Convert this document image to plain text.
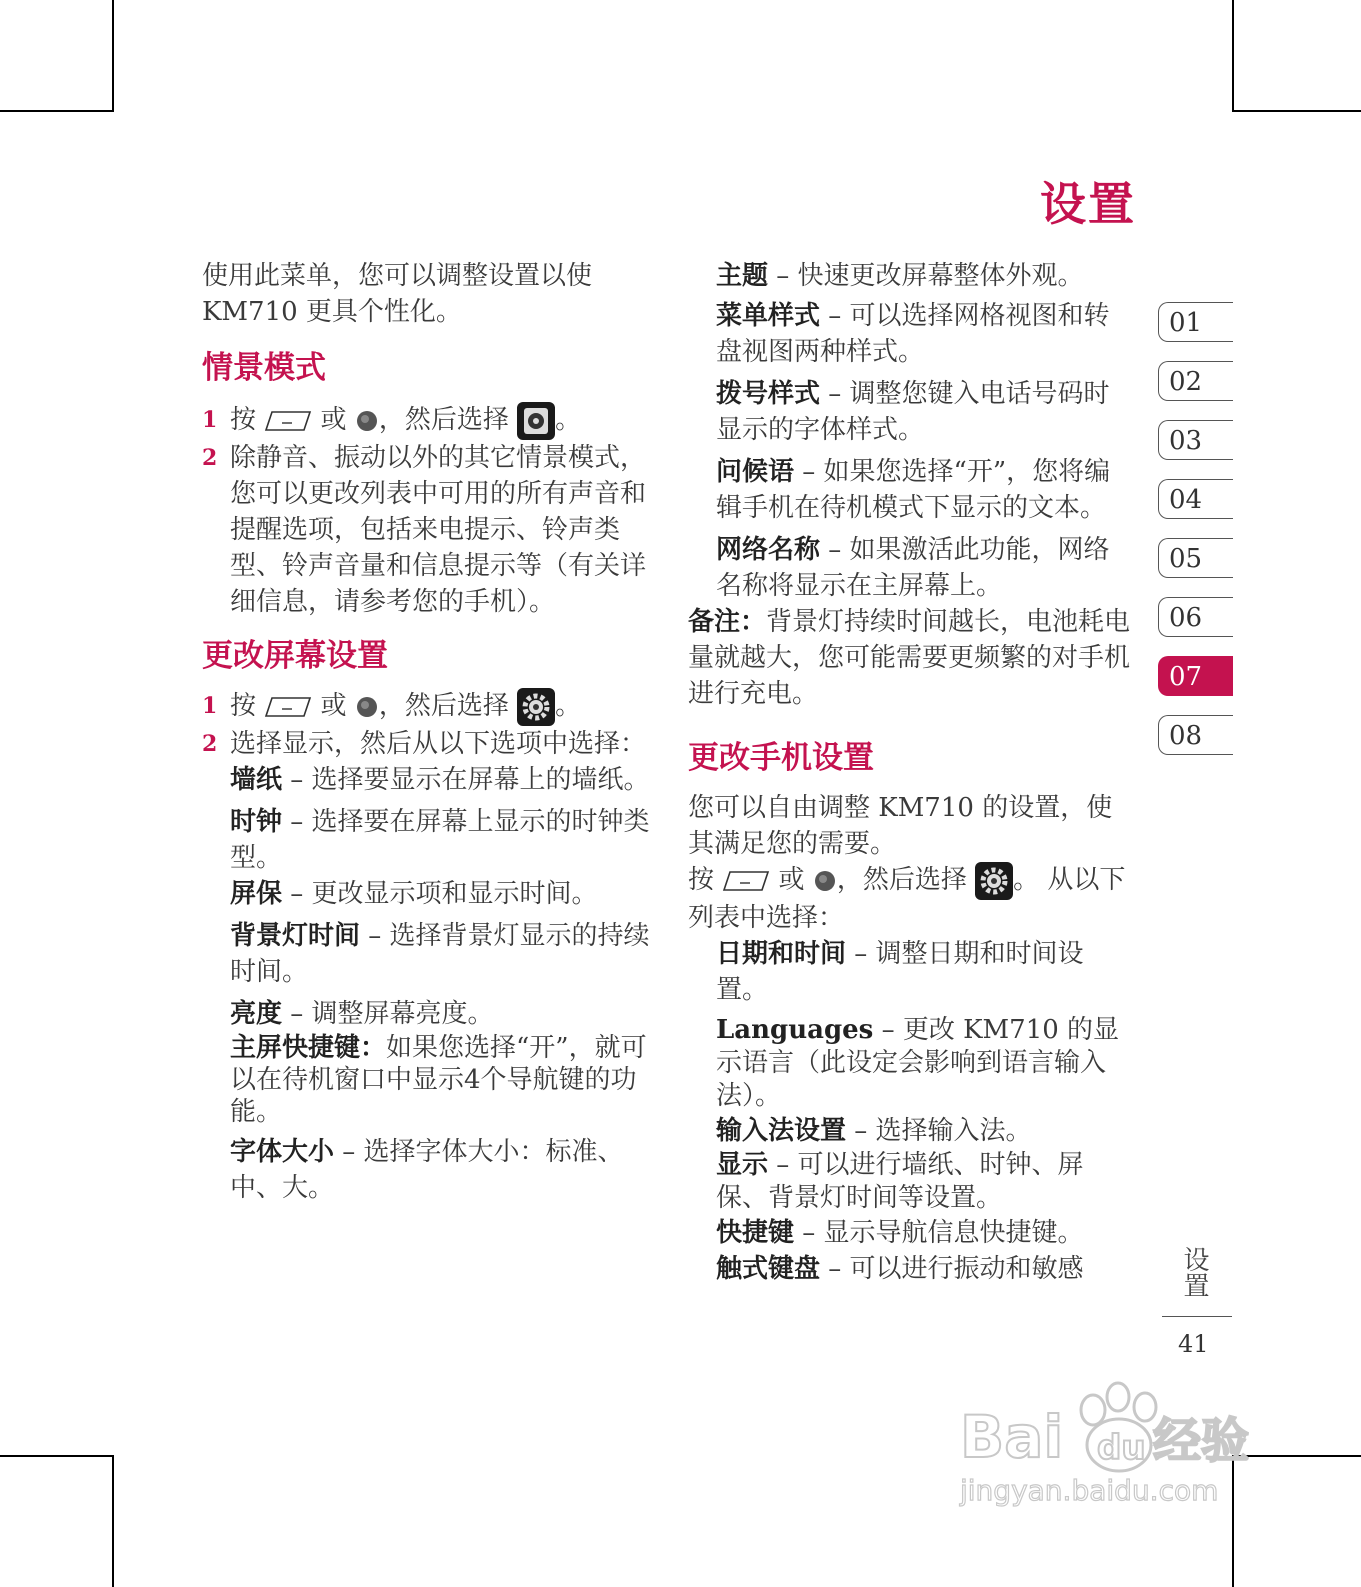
设置

使用此菜单，您可以调整设置以使KM710 更具个性化。

情景模式

1 按 或 ，然后选择 。
2 除静音、振动以外的其它情景模式，您可以更改列表中可用的所有声音和提醒选项，包括来电提示、铃声类型、铃声音量和信息提示等（有关详细信息，请参考您的手机）。

更改屏幕设置

1 按 或 ，然后选择 。
2 选择显示，然后从以下选项中选择：
墙纸 – 选择要显示在屏幕上的墙纸。
时钟 – 选择要在屏幕上显示的时钟类型。
屏保 – 更改显示项和显示时间。
背景灯时间 – 选择背景灯显示的持续时间。
亮度 – 调整屏幕亮度。
主屏快捷键：如果您选择“开”，就可以在待机窗口中显示4个导航键的功能。
字体大小 – 选择字体大小：标准、中、大。
主题 – 快速更改屏幕整体外观。
菜单样式 – 可以选择网格视图和转盘视图两种样式。
拨号样式 – 调整您键入电话号码时显示的字体样式。
问候语 – 如果您选择“开”，您将编辑手机在待机模式下显示的文本。
网络名称 – 如果激活此功能，网络名称将显示在主屏幕上。

备注：背景灯持续时间越长，电池耗电量就越大，您可能需要更频繁的对手机进行充电。

更改手机设置

您可以自由调整 KM710 的设置，使其满足您的需要。

按 或 ，然后选择 。 从以下列表中选择：

日期和时间 – 调整日期和时间设置。
Languages – 更改 KM710 的显示语言（此设定会影响到语言输入法）。
输入法设置 – 选择输入法。
显示 – 可以进行墙纸、时钟、屏保、背景灯时间等设置。
快捷键 – 显示导航信息快捷键。
触式键盘 – 可以进行振动和敏感
01
02
03
04
05
06
07
08
设置
41
Bai du 经验
jingyan.baidu.com
